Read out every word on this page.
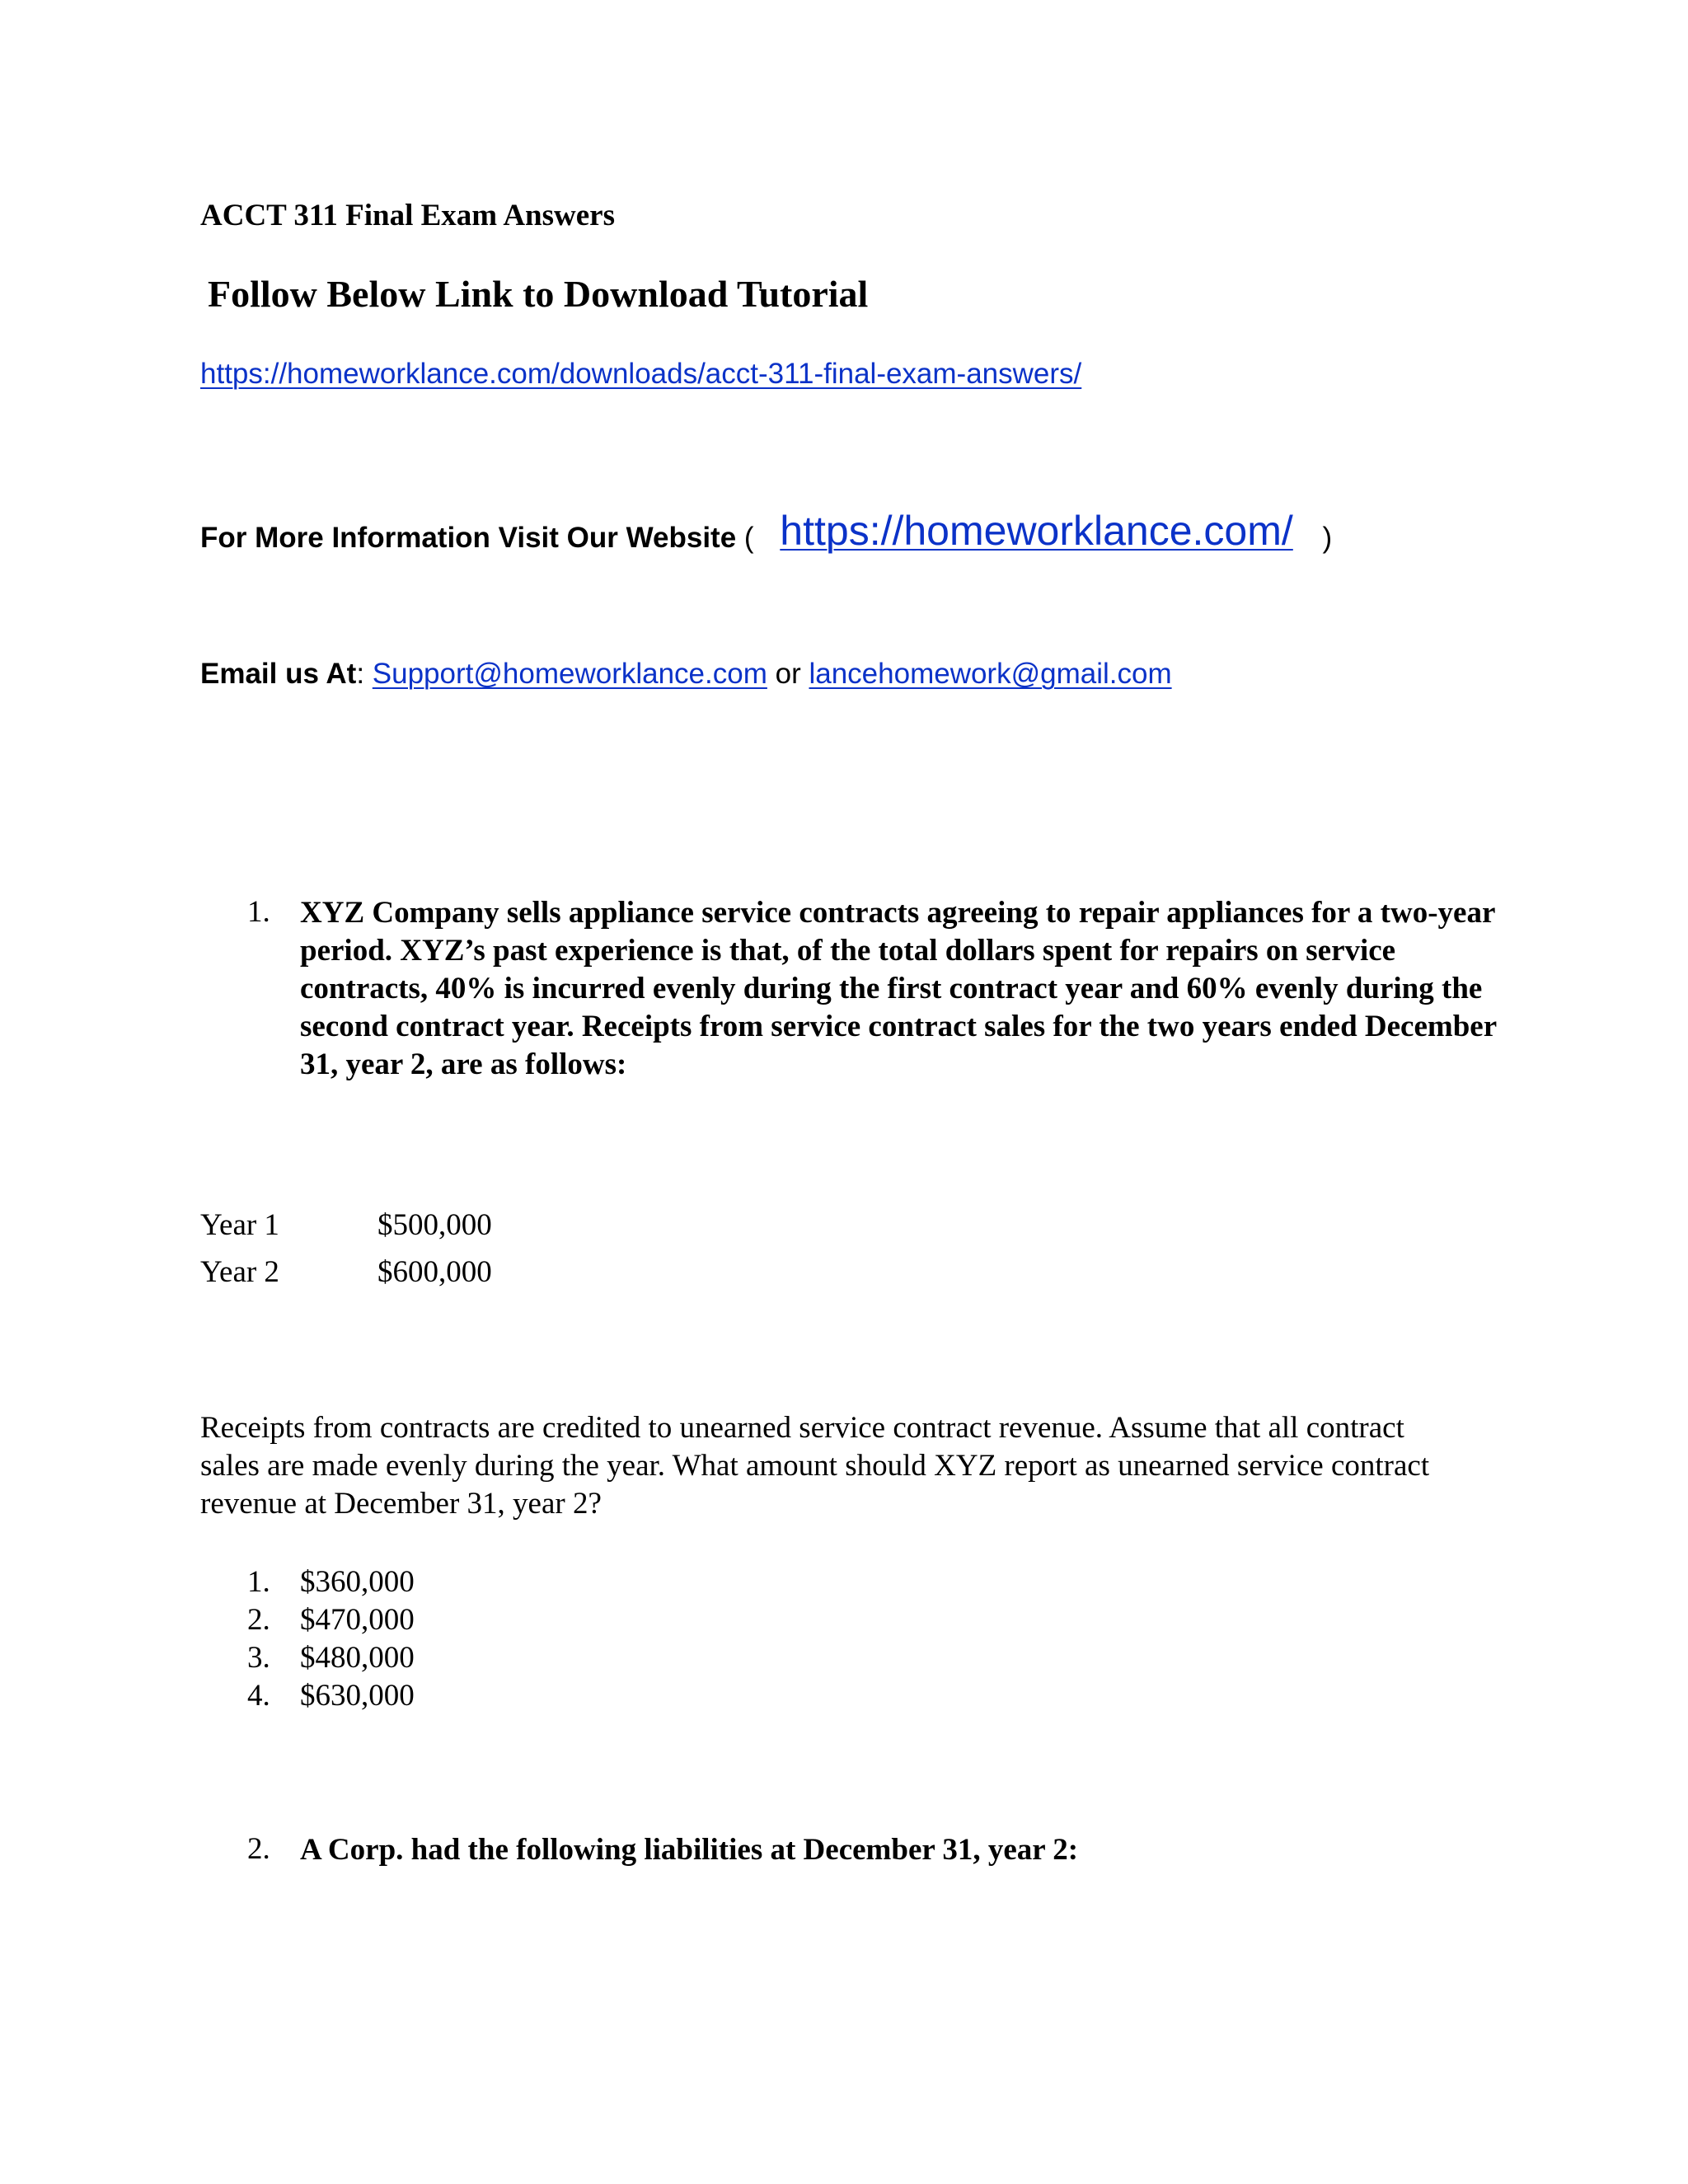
ACCT 311 Final Exam Answers
Follow Below Link to Download Tutorial
https://homeworklance.com/downloads/acct-311-final-exam-answers/
For More Information Visit Our Website ( https://homeworklance.com/ )
Email us At: Support@homeworklance.com or lancehomework@gmail.com
1. XYZ Company sells appliance service contracts agreeing to repair appliances for a two-year period. XYZ’s past experience is that, of the total dollars spent for repairs on service contracts, 40% is incurred evenly during the first contract year and 60% evenly during the second contract year. Receipts from service contract sales for the two years ended December 31, year 2, are as follows:
Year 1	$500,000
Year 2	$600,000
Receipts from contracts are credited to unearned service contract revenue. Assume that all contract sales are made evenly during the year. What amount should XYZ report as unearned service contract revenue at December 31, year 2?
1. $360,000
2. $470,000
3. $480,000
4. $630,000
2. A Corp. had the following liabilities at December 31, year 2:
